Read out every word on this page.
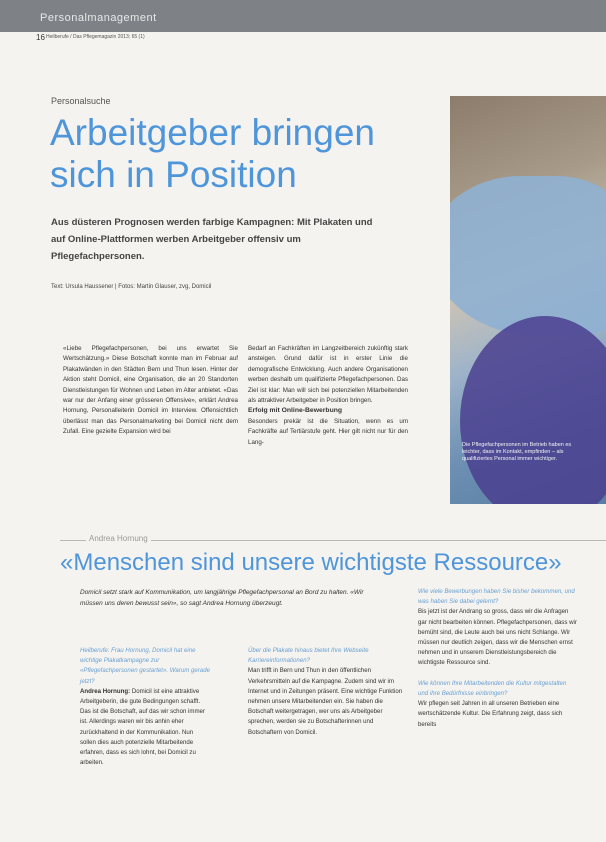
Personalmanagement
16 Heilberufe / Das Pflegemagazin 2013; 65 (1)
Die Pflegefachpersonen im Betrieb haben es leichter, dass im Kontakt, empfinden – als qualifiziertes Personal immer wichtiger.
Personalsuche
Arbeitgeber bringen sich in Position
Aus düsteren Prognosen werden farbige Kampagnen: Mit Plakaten und auf Online-Plattformen werben Arbeitgeber offensiv um Pflegefachpersonen.
Text: Ursula Haussener | Fotos: Martin Glauser, zvg, Domicil
«Liebe Pflegefachpersonen, bei uns erwartet Sie Wertschätzung.» Diese Botschaft konnte man im Februar auf Plakatwänden in den Städten Bern und Thun lesen. Hinter der Aktion steht Domicil, eine Organisation, die an 20 Standorten Dienstleistungen für Wohnen und Leben im Alter anbietet. «Das war nur der Anfang einer grösseren Offensive», erklärt Andrea Hornung, Personalleiterin Domicil im Interview. Offensichtlich überlässt man das Personalmarketing bei Domicil nicht dem Zufall. Eine gezielte Expansion wird bei
Bedarf an Fachkräften im Langzeitbereich zukünftig stark ansteigen. Grund dafür ist in erster Linie die demografische Entwicklung. Auch andere Organisationen werben deshalb um qualifizierte Pflegefachpersonen. Das Ziel ist klar: Man will sich bei potenziellen Mitarbeitenden als attraktiver Arbeitgeber in Position bringen.
Erfolg mit Online-Bewerbung
Besonders prekär ist die Situation, wenn es um Fachkräfte auf Tertiärstufe geht. Hier gilt nicht nur für den Lang-
Andrea Hornung
«Menschen sind unsere wichtigste Ressource»
Domicil setzt stark auf Kommunikation, um langjährige Pflegefachpersonal an Bord zu halten. «Wir müssen uns deren bewusst sein», so sagt Andrea Hornung überzeugt.
Heilberufe: Frau Hornung, Domicil hat eine wichtige Plakatkampagne zur «Pflegefachpersonen gestartet». Warum gerade jetzt?
Andrea Hornung: Domicil ist eine attraktive Arbeitgeberin, die gute Bedingungen schafft. Das ist die Botschaft, auf das wir schon immer ist. Allerdings waren wir bis anhin eher zurückhaltend in der Kommunikation. Nun sollen dies auch potenzielle Mitarbeitende erfahren, dass es sich lohnt, bei Domicil zu arbeiten.
Über die Plakate hinaus bietet Ihre Webseite Karriereinformationen?
Man trifft in Bern und Thun in den öffentlichen Verkehrsmitteln auf die Kampagne. Zudem sind wir im Internet und in Zeitungen präsent. Eine wichtige Funktion nehmen unsere Mitarbeitenden ein. Sie haben die Botschaft weitergetragen, wer uns als Arbeitgeber sprechen, werden sie zu Botschafterinnen und Botschaftern von Domicil.
Wie viele Bewerbungen haben Sie bisher bekommen, und was haben Sie dabei gelernt?
Bis jetzt ist der Andrang so gross, dass wir die Anfragen gar nicht bearbeiten können. Pflegefachpersonen, dass wir bemüht sind, die Leute auch bei uns nicht Schlange. Wir müssen nur deutlich zeigen, dass wir die Menschen ernst nehmen und in unserem Dienstleistungsbereich die wichtigste Ressource sind.

Wie können Ihre Mitarbeitenden die Kultur mitgestalten und ihre Bedürfnisse einbringen?
Wir pflegen seit Jahren in all unseren Betrieben eine wertschätzende Kultur. Die Erfahrung zeigt, dass sich bereits
